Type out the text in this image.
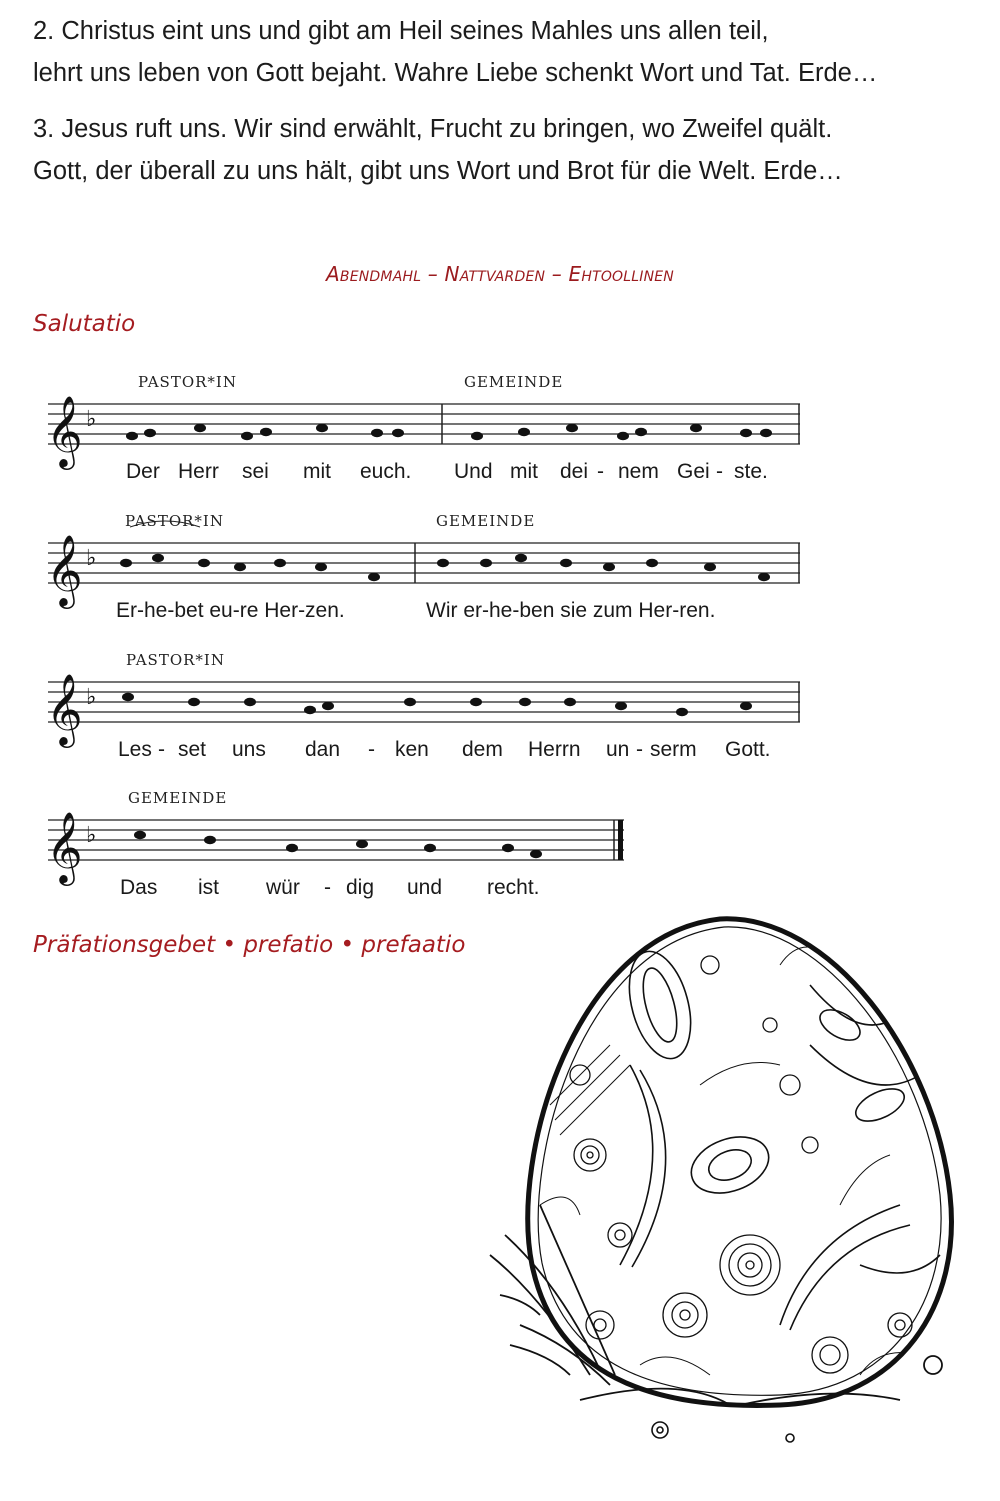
2. Christus eint uns und gibt am Heil seines Mahles uns allen teil,

lehrt uns leben von Gott bejaht. Wahre Liebe schenkt Wort und Tat. Erde…

3. Jesus ruft uns. Wir sind erwählt, Frucht zu bringen, wo Zweifel quält.

Gott, der überall zu uns hält, gibt uns Wort und Brot für die Welt. Erde…

Abendmahl – Nattvarden – Ehtoollinen
Salutatio
𝄞 ♭
PASTOR*IN	GEMEINDE
Der Herr sei mit euch. Und mit dei - nem Gei - ste.
𝄞 ♭
PASTOR*IN	GEMEINDE
Er-he-bet eu-re Her-zen.	Wir er-he-ben sie zum Her-ren.
𝄞 ♭
PASTOR*IN
Les - set uns dan - ken dem Herrn un - serm Gott.
𝄞 ♭
GEMEINDE
Das ist wür - dig und recht.
Präfationsgebet • prefatio • prefaatio
